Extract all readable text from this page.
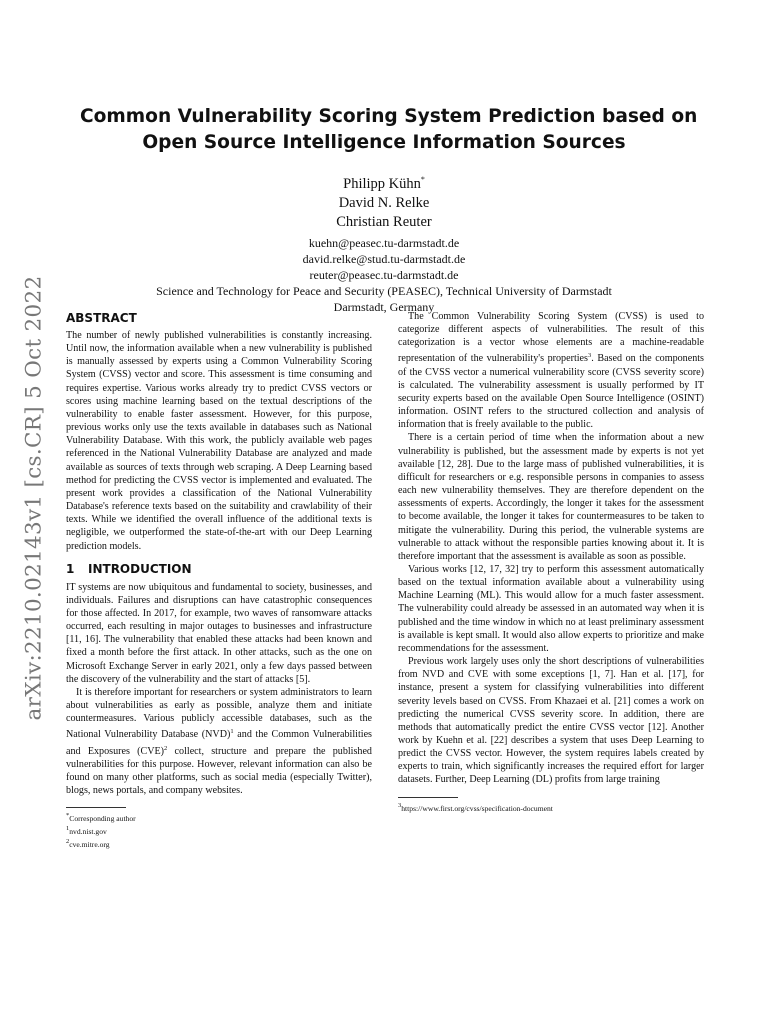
arXiv:2210.02143v1 [cs.CR] 5 Oct 2022
Common Vulnerability Scoring System Prediction based on
Open Source Intelligence Information Sources
Philipp Kühn*
David N. Relke
Christian Reuter
kuehn@peasec.tu-darmstadt.de
david.relke@stud.tu-darmstadt.de
reuter@peasec.tu-darmstadt.de
Science and Technology for Peace and Security (PEASEC), Technical University of Darmstadt
Darmstadt, Germany
ABSTRACT

The number of newly published vulnerabilities is constantly increasing. Until now, the information available when a new vulnerability is published is manually assessed by experts using a Common Vulnerability Scoring System (CVSS) vector and score. This assessment is time consuming and requires expertise. Various works already try to predict CVSS vectors or scores using machine learning based on the textual descriptions of the vulnerability to enable faster assessment. However, for this purpose, previous works only use the texts available in databases such as National Vulnerability Database. With this work, the publicly available web pages referenced in the National Vulnerability Database are analyzed and made available as sources of texts through web scraping. A Deep Learning based method for predicting the CVSS vector is implemented and evaluated. The present work provides a classification of the National Vulnerability Database's reference texts based on the suitability and crawlability of their texts. While we identified the overall influence of the additional texts is negligible, we outperformed the state-of-the-art with our Deep Learning prediction models.

1 INTRODUCTION

IT systems are now ubiquitous and fundamental to society, businesses, and individuals. Failures and disruptions can have catastrophic consequences for those affected. In 2017, for example, two waves of ransomware attacks occurred, each resulting in major outages to businesses and infrastructure [11, 16]. The vulnerability that enabled these attacks had been known and fixed a month before the first attack. In other attacks, such as the one on Microsoft Exchange Server in early 2021, only a few days passed between the discovery of the vulnerability and the start of attacks [5].

It is therefore important for researchers or system administrators to learn about vulnerabilities as early as possible, analyze them and initiate countermeasures. Various publicly accessible databases, such as the National Vulnerability Database (NVD)$^1$ and the Common Vulnerabilities and Exposures (CVE)$^2$ collect, structure and prepare the published vulnerabilities for this purpose. However, relevant information can also be found on many other platforms, such as social media (especially Twitter), blogs, news portals, and company websites.

*Corresponding author

$^1$nvd.nist.gov

$^2$cve.mitre.org

The Common Vulnerability Scoring System (CVSS) is used to categorize different aspects of vulnerabilities. The result of this categorization is a vector whose elements are a machine-readable representation of the vulnerability's properties$^3$. Based on the components of the CVSS vector a numerical vulnerability score (CVSS severity score) is calculated. The vulnerability assessment is usually performed by IT security experts based on the available Open Source Intelligence (OSINT) information. OSINT refers to the structured collection and analysis of information that is freely available to the public.

There is a certain period of time when the information about a new vulnerability is published, but the assessment made by experts is not yet available [12, 28]. Due to the large mass of published vulnerabilities, it is difficult for researchers or e.g. responsible persons in companies to assess each new vulnerability themselves. They are therefore dependent on the assessments of experts. Accordingly, the longer it takes for the assessment to become available, the longer it takes for countermeasures to be taken to mitigate the vulnerability. During this period, the vulnerable systems are vulnerable to attack without the responsible parties knowing about it. It is therefore important that the assessment is available as soon as possible.

Various works [12, 17, 32] try to perform this assessment automatically based on the textual information available about a vulnerability using Machine Learning (ML). This would allow for a much faster assessment. The vulnerability could already be assessed in an automated way when it is published and the time window in which no at least preliminary assessment is available is kept small. It would also allow experts to prioritize and make recommendations for the assessment.

Previous work largely uses only the short descriptions of vulnerabilities from NVD and CVE with some exceptions [1, 7]. Han et al. [17], for instance, present a system for classifying vulnerabilities into different severity levels based on CVSS. From Khazaei et al. [21] comes a work on predicting the numerical CVSS severity score. In addition, there are methods that automatically predict the entire CVSS vector [12]. Another work by Kuehn et al. [22] describes a system that uses Deep Learning to predict the CVSS vector. However, the system requires labels created by experts to train, which significantly increases the required effort for larger datasets. Further, Deep Learning (DL) profits from large training

$^3$https://www.first.org/cvss/specification-document
